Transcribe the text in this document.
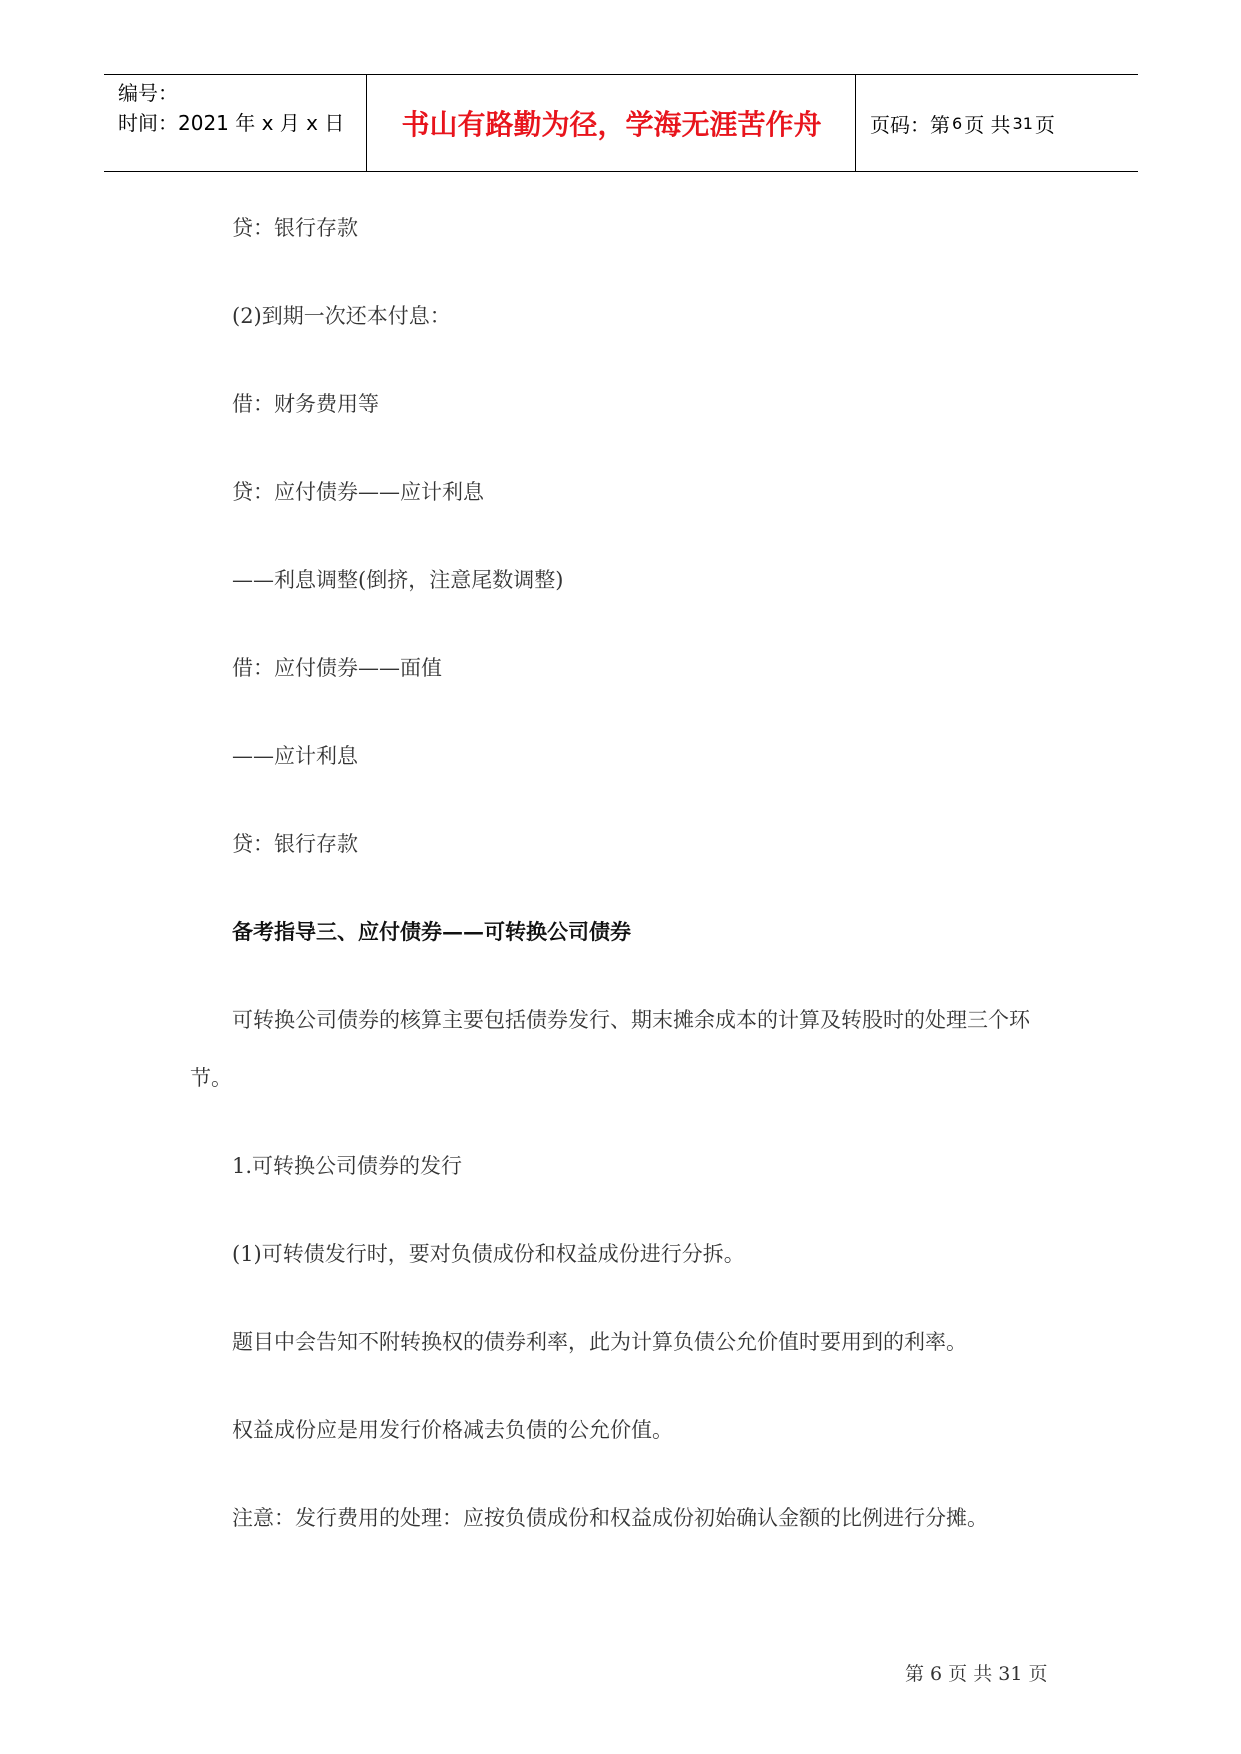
编号：
时间：2021 年 x 月 x 日	书山有路勤为径，学海无涯苦作舟	页码：第 6 页 共 31 页
贷：银行存款
(2)到期一次还本付息：
借：财务费用等
贷：应付债券——应计利息
——利息调整(倒挤，注意尾数调整)
借：应付债券——面值
——应计利息
贷：银行存款
备考指导三、应付债券——可转换公司债券
可转换公司债券的核算主要包括债券发行、期末摊余成本的计算及转股时的处理三个环
节。
1.可转换公司债券的发行
(1)可转债发行时，要对负债成份和权益成份进行分拆。
题目中会告知不附转换权的债券利率，此为计算负债公允价值时要用到的利率。
权益成份应是用发行价格减去负债的公允价值。
注意：发行费用的处理：应按负债成份和权益成份初始确认金额的比例进行分摊。
第 6 页 共 31 页
